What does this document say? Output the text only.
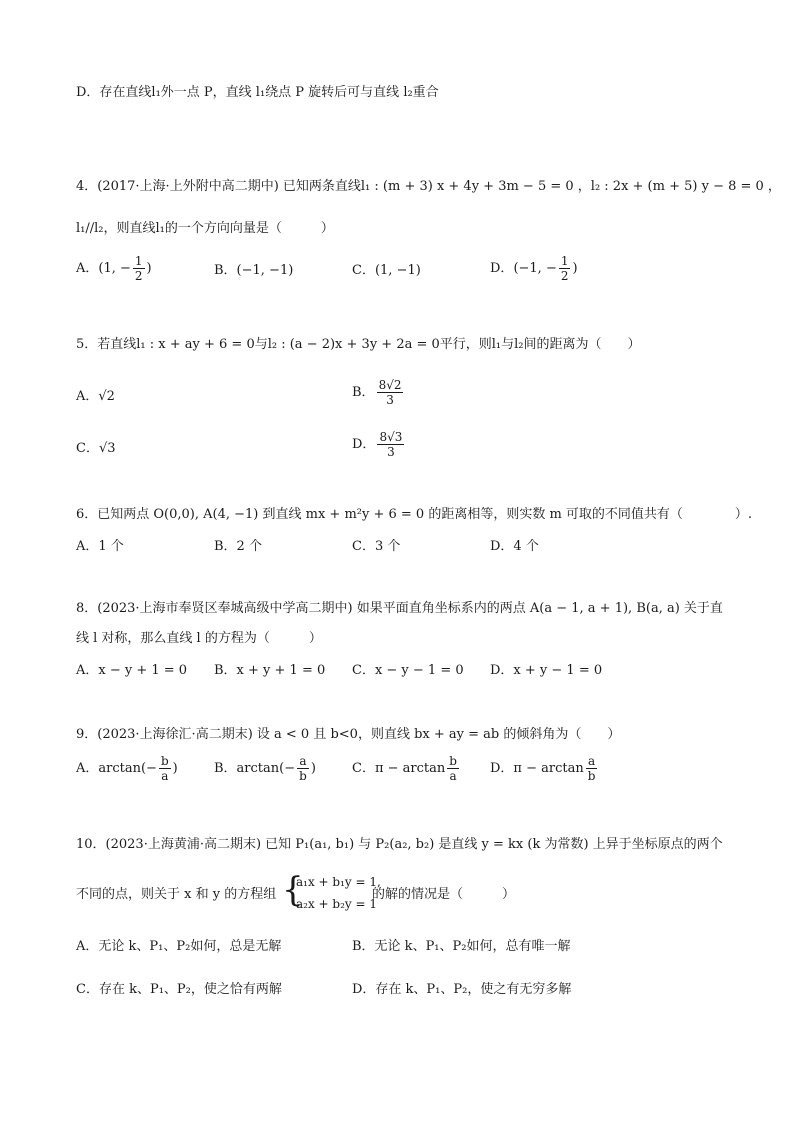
D．存在直线l₁外一点 P，直线 l₁绕点 P 旋转后可与直线 l₂重合
4．(2017·上海·上外附中高二期中) 已知两条直线l₁ : (m + 3) x + 4y + 3m − 5 = 0 ，l₂ : 2x + (m + 5) y − 8 = 0 ，
l₁//l₂，则直线l₁的一个方向向量是（　　　）
A．(1, − $\frac{1}{2}$ )	B．(−1, −1)	C．(1, −1)	D．(−1, − $\frac{1}{2}$ )
5．若直线l₁ : x + ay + 6 = 0与l₂ : (a − 2)x + 3y + 2a = 0平行，则l₁与l₂间的距离为（　　）
A．√2	B． $\frac{8√2}{3}$
C．√3	D． $\frac{8√3}{3}$
6．已知两点 O(0,0), A(4, −1) 到直线 mx + m²y + 6 = 0 的距离相等，则实数 m 可取的不同值共有（　　　　）.
A．1 个	B．2 个	C．3 个	D．4 个
8．(2023·上海市奉贤区奉城高级中学高二期中) 如果平面直角坐标系内的两点 A(a − 1, a + 1), B(a, a) 关于直
线 l 对称，那么直线 l 的方程为（　　　）
A．x − y + 1 = 0 B．x + y + 1 = 0 C．x − y − 1 = 0 D．x + y − 1 = 0
9．(2023·上海徐汇·高二期末) 设 a < 0 且 b<0，则直线 bx + ay = ab 的倾斜角为（　　）
A．$\arctan(- \frac{b}{a}$ )	B．$\arctan(- \frac{a}{b}$ )	C．$\pi - \arctan \frac{b}{a}$ D．$\pi - \arctan \frac{a}{b}$
10．(2023·上海黄浦·高二期末) 已知 P₁(a₁, b₁) 与 P₂(a₂, b₂) 是直线 y = kx (k 为常数) 上异于坐标原点的两个
不同的点，则关于 x 和 y 的方程组 {
a₁x + b₁y = 1,
a₂x + b₂y = 1
的解的情况是（　　　）
A．无论 k、P₁、P₂如何，总是无解	B．无论 k、P₁、P₂如何，总有唯一解
C．存在 k、P₁、P₂，使之恰有两解	D．存在 k、P₁、P₂，使之有无穷多解
